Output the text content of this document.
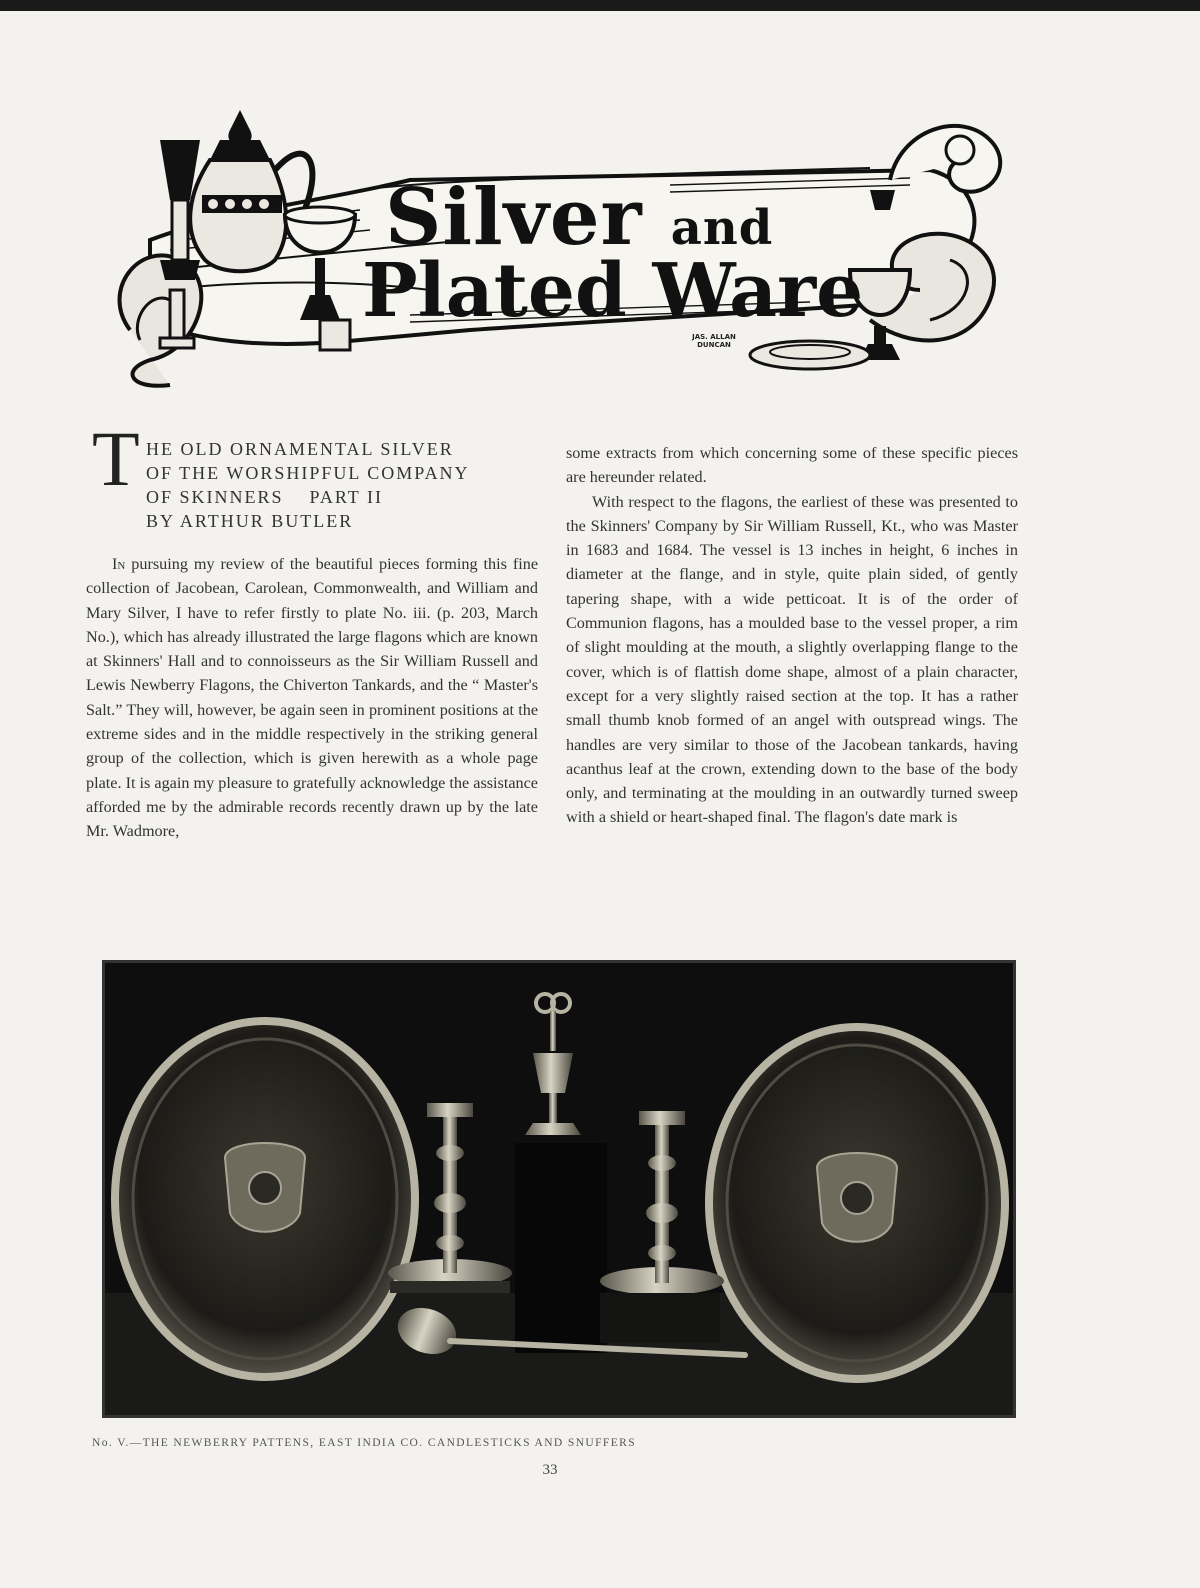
Silver and
Plated Ware
JAS. ALLAN DUNCAN
T HE OLD ORNAMENTAL SILVER
OF THE WORSHIPFUL COMPANY
OF SKINNERS    PART II
BY ARTHUR BUTLER

In pursuing my review of the beautiful pieces forming this fine collection of Jacobean, Carolean, Commonwealth, and William and Mary Silver, I have to refer firstly to plate No. iii. (p. 203, March No.), which has already illustrated the large flagons which are known at Skinners' Hall and to connoisseurs as the Sir William Russell and Lewis Newberry Flagons, the Chiverton Tankards, and the “ Master's Salt.” They will, however, be again seen in prominent positions at the extreme sides and in the middle respectively in the striking general group of the collection, which is given herewith as a whole page plate. It is again my pleasure to gratefully acknowledge the assistance afforded me by the admirable records recently drawn up by the late Mr. Wadmore,

some extracts from which concerning some of these specific pieces are hereunder related.

With respect to the flagons, the earliest of these was presented to the Skinners' Company by Sir William Russell, Kt., who was Master in 1683 and 1684. The vessel is 13 inches in height, 6 inches in diameter at the flange, and in style, quite plain sided, of gently tapering shape, with a wide petticoat. It is of the order of Communion flagons, has a moulded base to the vessel proper, a rim of slight moulding at the mouth, a slightly overlapping flange to the cover, which is of flattish dome shape, almost of a plain character, except for a very slightly raised section at the top. It has a rather small thumb knob formed of an angel with outspread wings. The handles are very similar to those of the Jacobean tankards, having acanthus leaf at the crown, extending down to the base of the body only, and terminating at the moulding in an outwardly turned sweep with a shield or heart-shaped final. The flagon's date mark is

No. V.—THE NEWBERRY PATTENS, EAST INDIA CO. CANDLESTICKS AND SNUFFERS
33
